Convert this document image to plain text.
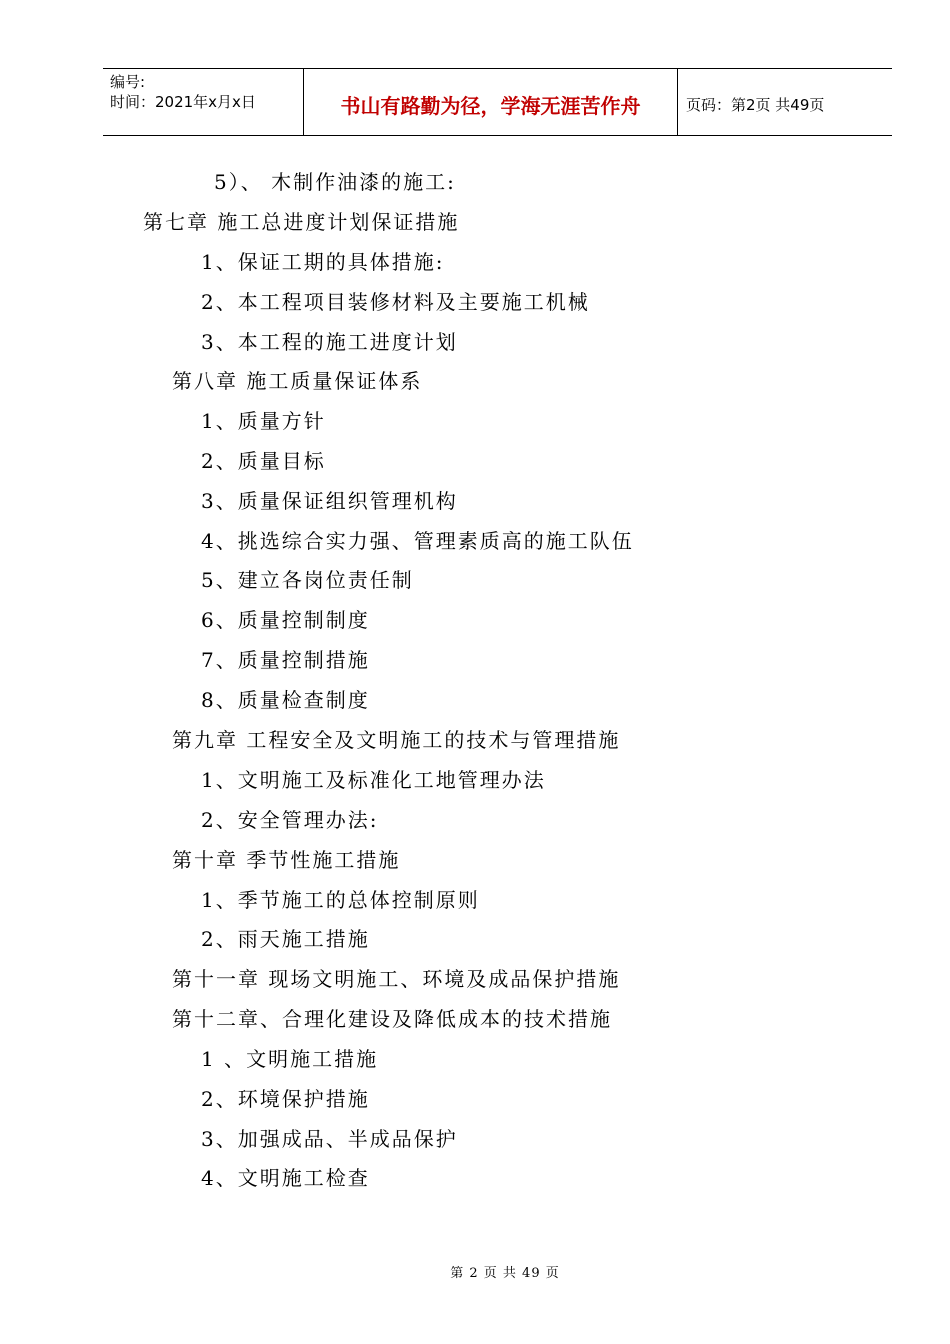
编号:
时间：2021年x月x日	书山有路勤为径，学海无涯苦作舟	页码：第2页 共49页
5）、 木制作油漆的施工:
第七章 施工总进度计划保证措施
1、保证工期的具体措施:
2、本工程项目装修材料及主要施工机械
3、本工程的施工进度计划
第八章 施工质量保证体系
1、质量方针
2、质量目标
3、质量保证组织管理机构
4、挑选综合实力强、管理素质高的施工队伍
5、建立各岗位责任制
6、质量控制制度
7、质量控制措施
8、质量检查制度
第九章 工程安全及文明施工的技术与管理措施
1、文明施工及标准化工地管理办法
2、安全管理办法:
第十章 季节性施工措施
1、季节施工的总体控制原则
2、雨天施工措施
第十一章 现场文明施工、环境及成品保护措施
第十二章、合理化建设及降低成本的技术措施
1 、文明施工措施
2、环境保护措施
3、加强成品、半成品保护
4、文明施工检查
第 2 页 共 49 页
